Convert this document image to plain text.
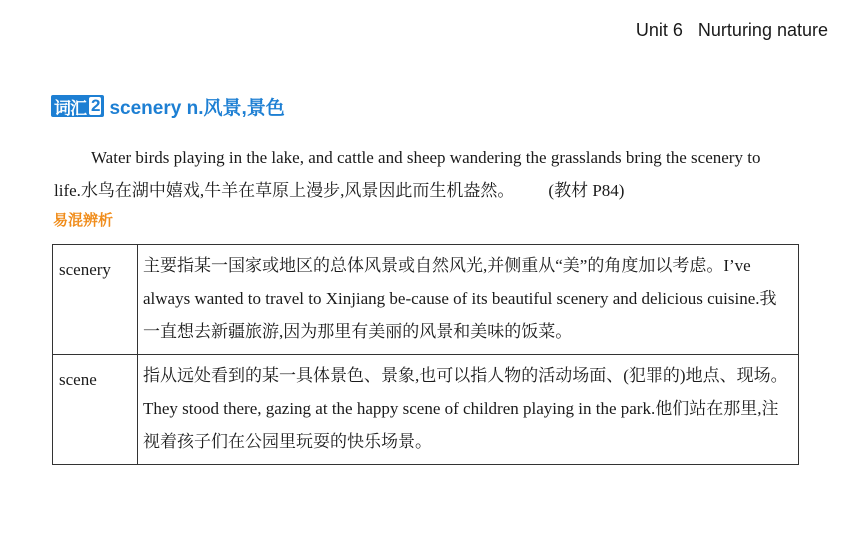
Unit 6 Nurturing nature
词汇 2 scenery n.风景,景色
Water birds playing in the lake, and cattle and sheep wandering the grasslands bring the scenery to life.水鸟在湖中嬉戏,牛羊在草原上漫步,风景因此而生机盎然。 (教材 P84)
易混辨析
scenery	主要指某一国家或地区的总体风景或自然风光,并侧重从“美”的角度加以考虑。I’ve always wanted to travel to Xinjiang be-cause of its beautiful scenery and delicious cuisine.我一直想去新疆旅游,因为那里有美丽的风景和美味的饭菜。

scene	指从远处看到的某一具体景色、景象,也可以指人物的活动场面、(犯罪的)地点、现场。
They stood there, gazing at the happy scene of children playing in the park.他们站在那里,注视着孩子们在公园里玩耍的快乐场景。
